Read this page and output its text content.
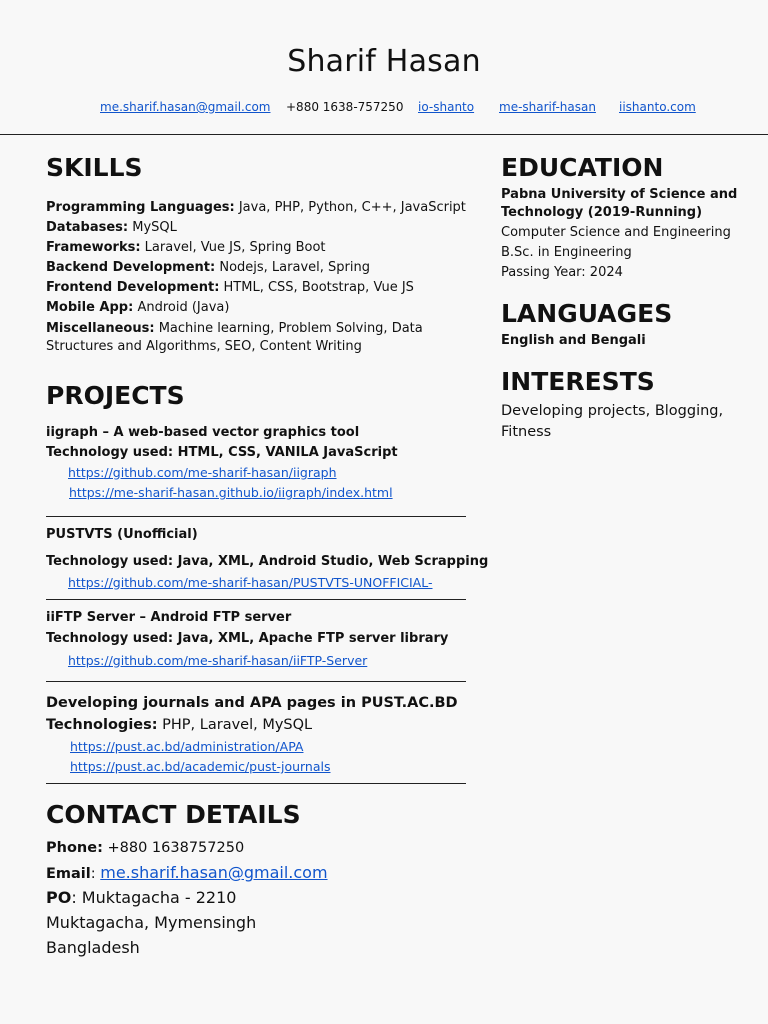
Sharif Hasan
me.sharif.hasan@gmail.com +880 1638-757250 io-shanto me-sharif-hasan iishanto.com
SKILLS
Programming Languages: Java, PHP, Python, C++, JavaScript
Databases: MySQL
Frameworks: Laravel, Vue JS, Spring Boot
Backend Development: Nodejs, Laravel, Spring
Frontend Development: HTML, CSS, Bootstrap, Vue JS
Mobile App: Android (Java)
Miscellaneous: Machine learning, Problem Solving, Data
Structures and Algorithms, SEO, Content Writing
PROJECTS
iigraph – A web-based vector graphics tool
Technology used: HTML, CSS, VANILA JavaScript
https://github.com/me-sharif-hasan/iigraph
https://me-sharif-hasan.github.io/iigraph/index.html
PUSTVTS (Unofficial)
Technology used: Java, XML, Android Studio, Web Scrapping
https://github.com/me-sharif-hasan/PUSTVTS-UNOFFICIAL-
iiFTP Server – Android FTP server
Technology used: Java, XML, Apache FTP server library
https://github.com/me-sharif-hasan/iiFTP-Server
Developing journals and APA pages in PUST.AC.BD
Technologies: PHP, Laravel, MySQL
https://pust.ac.bd/administration/APA
https://pust.ac.bd/academic/pust-journals
CONTACT DETAILS
Phone: +880 1638757250
Email: me.sharif.hasan@gmail.com
PO: Muktagacha - 2210
Muktagacha, Mymensingh
Bangladesh
EDUCATION
Pabna University of Science and
Technology (2019-Running)
Computer Science and Engineering
B.Sc. in Engineering
Passing Year: 2024
LANGUAGES
English and Bengali
INTERESTS
Developing projects, Blogging,
Fitness
